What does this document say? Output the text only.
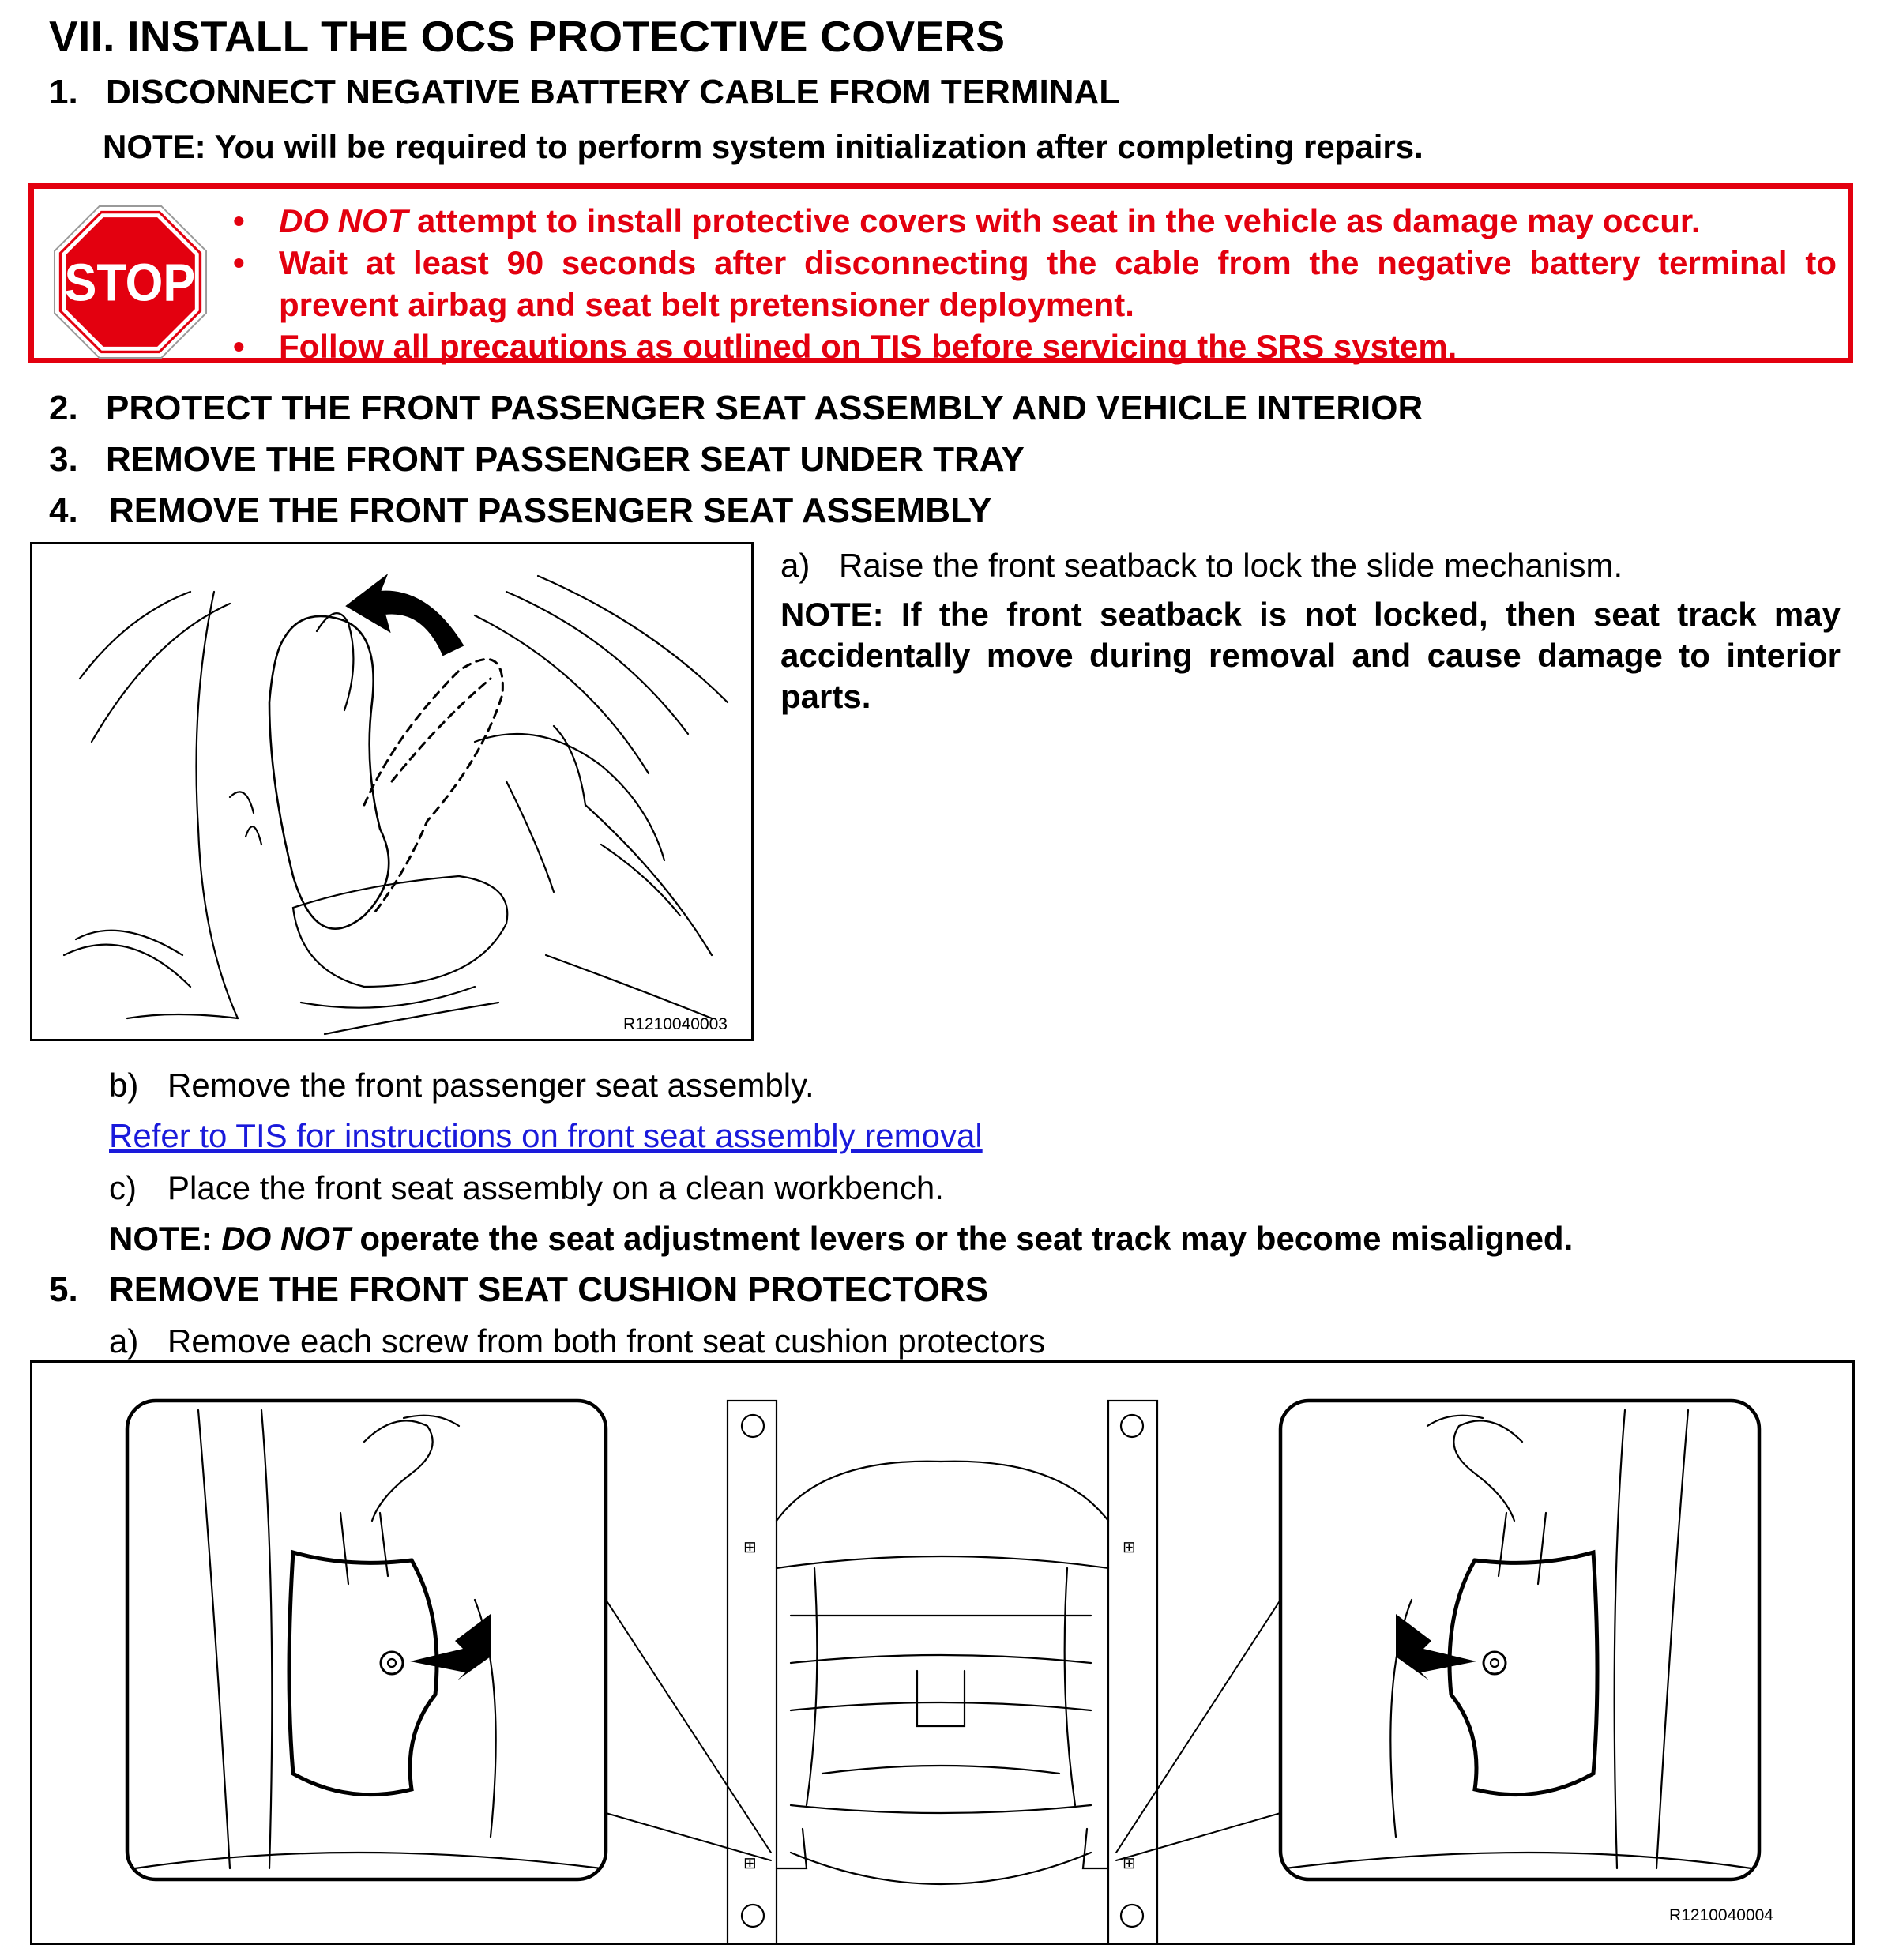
VII. INSTALL THE OCS PROTECTIVE COVERS
1. DISCONNECT NEGATIVE BATTERY CABLE FROM TERMINAL
NOTE: You will be required to perform system initialization after completing repairs.
STOP
• DO NOT attempt to install protective covers with seat in the vehicle as damage may occur.
• Wait at least 90 seconds after disconnecting the cable from the negative battery terminal to prevent airbag and seat belt pretensioner deployment.
• Follow all precautions as outlined on TIS before servicing the SRS system.
2. PROTECT THE FRONT PASSENGER SEAT ASSEMBLY AND VEHICLE INTERIOR
3. REMOVE THE FRONT PASSENGER SEAT UNDER TRAY
4. REMOVE THE FRONT PASSENGER SEAT ASSEMBLY
R1210040003
a) Raise the front seatback to lock the slide mechanism.
NOTE: If the front seatback is not locked, then seat track may accidentally move during removal and cause damage to interior parts.
b) Remove the front passenger seat assembly.
Refer to TIS for instructions on front seat assembly removal
c) Place the front seat assembly on a clean workbench.
NOTE: DO NOT operate the seat adjustment levers or the seat track may become misaligned.
5. REMOVE THE FRONT SEAT CUSHION PROTECTORS
a) Remove each screw from both front seat cushion protectors
⊞	⊞
⊞	⊞
R1210040004
